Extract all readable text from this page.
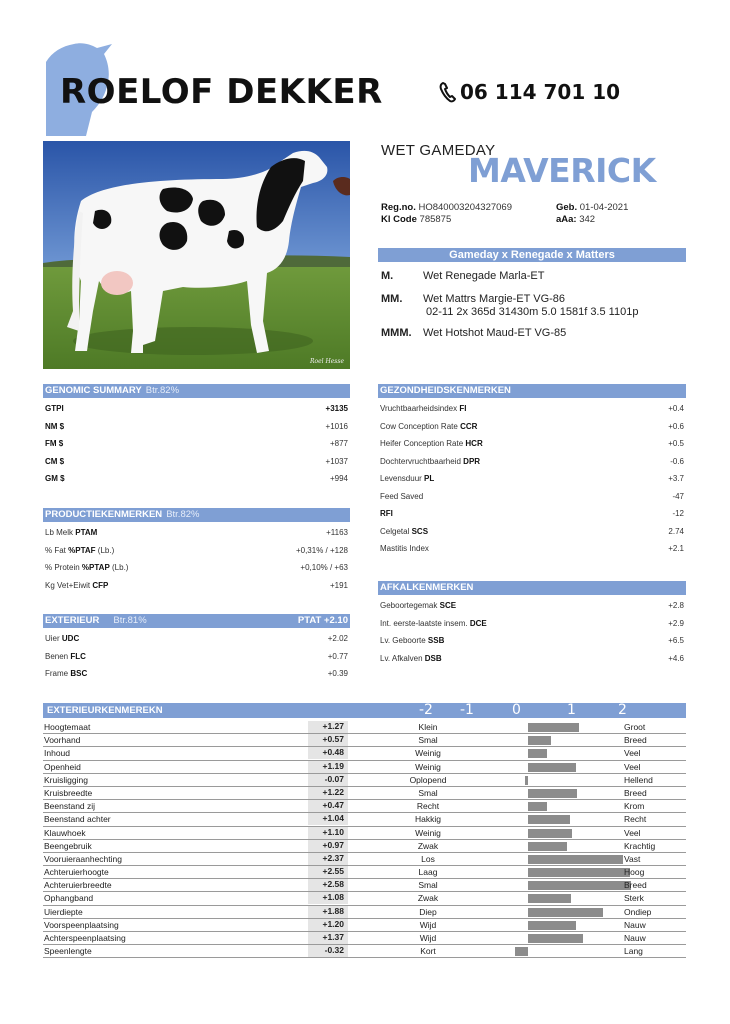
ROELOF DEKKER	06 114 701 10
Roel Hesse
WET GAMEDAY
MAVERICK
Reg.no. HO840003204327069
Kl Code 785875
Geb. 01-04-2021
aAa: 342
Gameday x Renegade x Matters
M.	Wet Renegade Marla-ET
MM.	Wet Mattrs Margie-ET VG-86
02-11 2x 365d 31430m 5.0 1581f 3.5 1101p
MMM.	Wet Hotshot Maud-ET VG-85
GENOMIC SUMMARY Btr.82%
GTPI	+3135
NM $	+1016
FM $	+877
CM $	+1037
GM $	+994
PRODUCTIEKENMERKEN Btr.82%
Lb Melk PTAM	+1163
% Fat %PTAF (Lb.)	+0,31% / +128
% Protein %PTAP (Lb.)	+0,10% / +63
Kg Vet+Eiwit CFP	+191
EXTERIEUR Btr.81%	PTAT +2.10
Uier UDC	+2.02
Benen FLC	+0.77
Frame BSC	+0.39
GEZONDHEIDSKENMERKEN
Vruchtbaarheidsindex FI	+0.4
Cow Conception Rate CCR	+0.6
Heifer Conception Rate HCR	+0.5
Dochtervruchtbaarheid DPR	-0.6
Levensduur PL	+3.7
Feed Saved	-47
RFI	-12
Celgetal SCS	2.74
Mastitis Index	+2.1
AFKALKENMERKEN
Geboortegemak SCE	+2.8
Int. eerste-laatste insem. DCE	+2.9
Lv. Geboorte SSB	+6.5
Lv. Afkalven DSB	+4.6
EXTERIEURKENMEREKN	-2 -1	0	1	2
Hoogtemaat	+1.27	Klein	Groot
Voorhand	+0.57	Smal	Breed
Inhoud	+0.48	Weinig	Veel
Openheid	+1.19	Weinig	Veel
Kruisligging	-0.07	Oplopend	Hellend
Kruisbreedte	+1.22	Smal	Breed
Beenstand zij	+0.47	Recht	Krom
Beenstand achter	+1.04	Hakkig	Recht
Klauwhoek	+1.10	Weinig	Veel
Beengebruik	+0.97	Zwak	Krachtig
Vooruieraanhechting	+2.37	Los	Vast
Achteruierhoogte	+2.55	Laag	Hoog
Achteruierbreedte	+2.58	Smal	Breed
Ophangband	+1.08	Zwak	Sterk
Uierdiepte	+1.88	Diep	Ondiep
Voorspeenplaatsing	+1.20	Wijd	Nauw
Achterspeenplaatsing	+1.37	Wijd	Nauw
Speenlengte	-0.32	Kort	Lang
